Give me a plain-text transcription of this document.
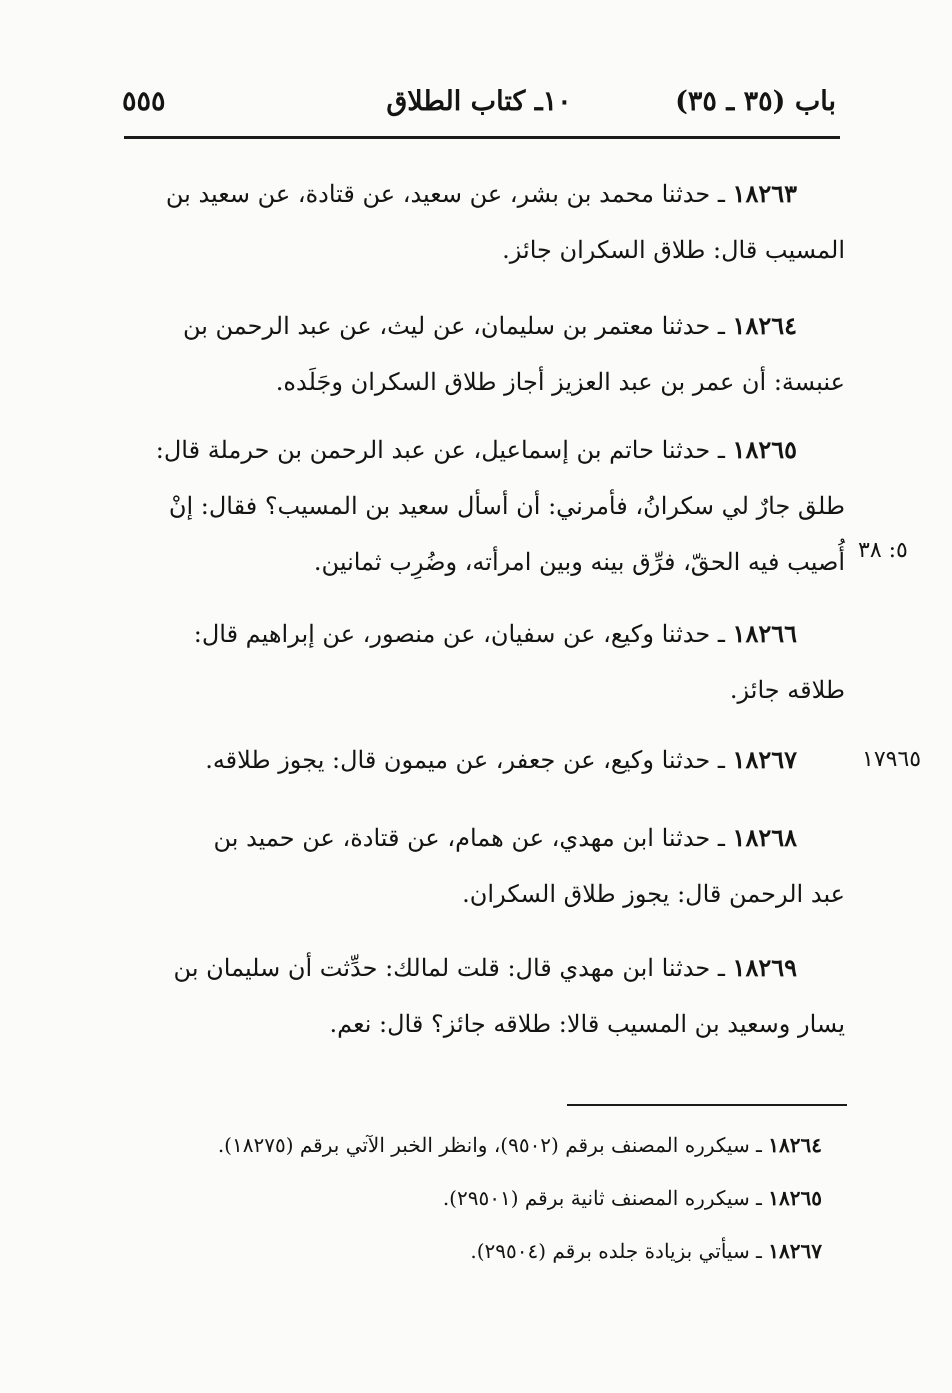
باب (٣٥ ـ ٣٥)
١٠ـ كتاب الطلاق
٥٥٥
١٨٢٦٣ ـ حدثنا محمد بن بشر، عن سعيد، عن قتادة، عن سعيد بن
المسيب قال: طلاق السكران جائز.
١٨٢٦٤ ـ حدثنا معتمر بن سليمان، عن ليث، عن عبد الرحمن بن
عنبسة: أن عمر بن عبد العزيز أجاز طلاق السكران وجَلَده.
١٨٢٦٥ ـ حدثنا حاتم بن إسماعيل، عن عبد الرحمن بن حرملة قال:
طلق جارٌ لي سكرانُ، فأمرني: أن أسأل سعيد بن المسيب؟ فقال: إنْ
أُصيب فيه الحقّ، فرِّق بينه وبين امرأته، وضُرِب ثمانين. ٥: ٣٨
١٨٢٦٦ ـ حدثنا وكيع، عن سفيان، عن منصور، عن إبراهيم قال:
طلاقه جائز.
١٨٢٦٧ ـ حدثنا وكيع، عن جعفر، عن ميمون قال: يجوز طلاقه.	١٧٩٦٥
١٨٢٦٨ ـ حدثنا ابن مهدي، عن همام، عن قتادة، عن حميد بن
عبد الرحمن قال: يجوز طلاق السكران.
١٨٢٦٩ ـ حدثنا ابن مهدي قال: قلت لمالك: حدِّثت أن سليمان بن
يسار وسعيد بن المسيب قالا: طلاقه جائز؟ قال: نعم.
١٨٢٦٤ ـ سيكرره المصنف برقم (٩٥٠٢)، وانظر الخبر الآتي برقم (١٨٢٧٥).
١٨٢٦٥ ـ سيكرره المصنف ثانية برقم (٢٩٥٠١).
١٨٢٦٧ ـ سيأتي بزيادة جلده برقم (٢٩٥٠٤).
